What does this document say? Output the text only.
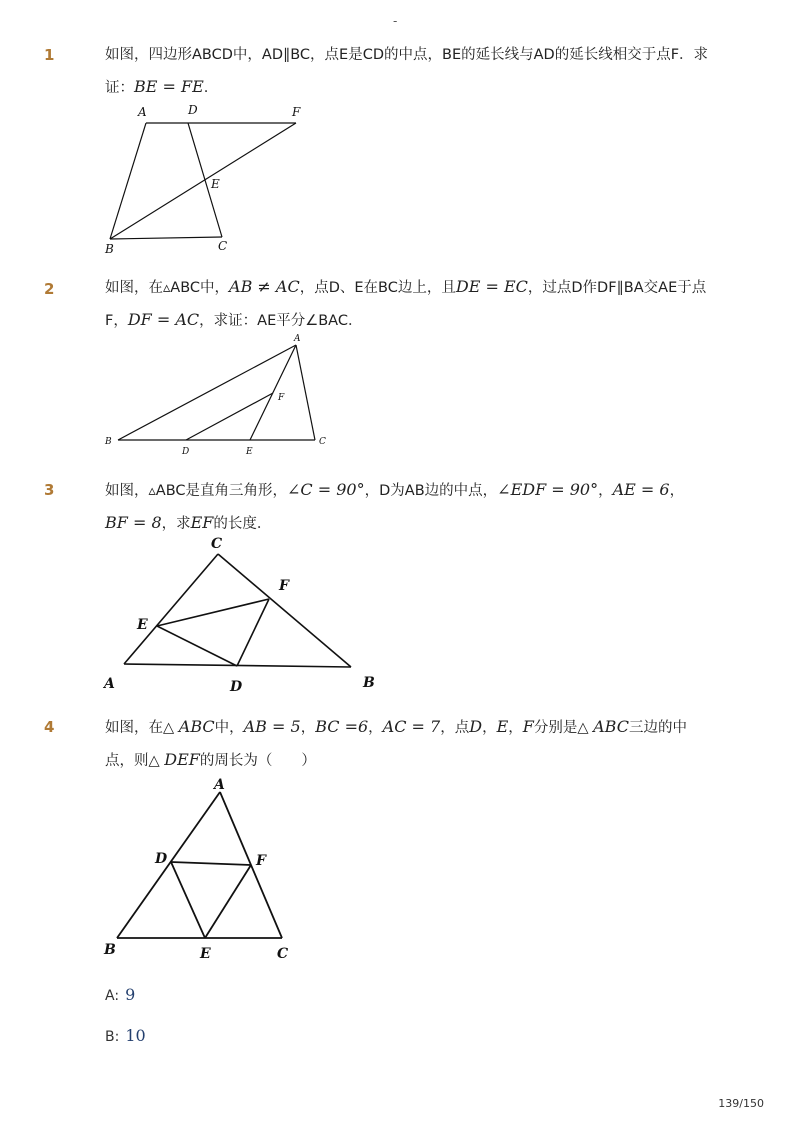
-
1	如图，四边形ABCD中，AD∥BC，点E是CD的中点，BE的延长线与AD的延长线相交于点F．求
证：BE = FE.
A	D	F
E
B	C
2	如图，在▵ABC中，AB ≠ AC，点D、E在BC边上，且DE = EC，过点D作DF∥BA交AE于点
F，DF = AC，求证：AE平分∠BAC．
A
F
B
D	E
C
3	如图，▵ABC是直角三角形，∠C = 90°，D为AB边的中点，∠EDF = 90°，AE = 6，
BF = 8，求EF的长度．
C
F
E
A	D	B
4	如图，在△ ABC中，AB = 5，BC =6，AC = 7，点D，E，F分别是△ ABC三边的中
点，则△ DEF的周长为（　　）
A
D	F
B	E	C
A: 9
B: 10
139/150
